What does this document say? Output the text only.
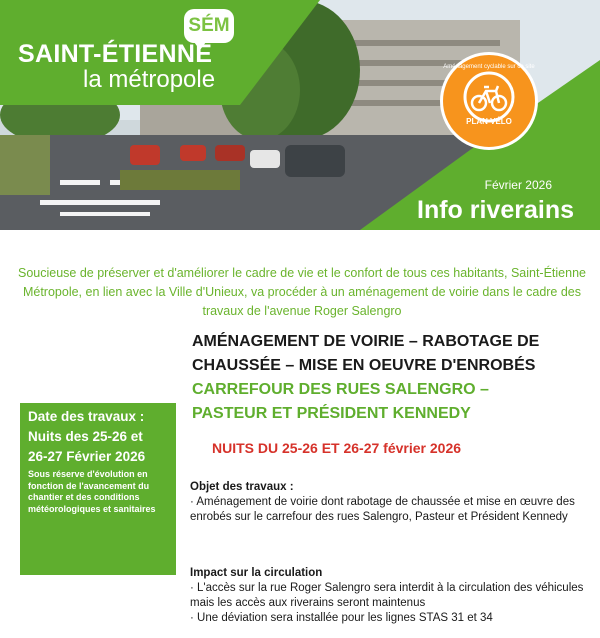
SÉM
SAINT-ÉTIENNE
la métropole	Aménagement cyclable sur ce site
PLAN VÉLO
Février 2026
Info riverains
Soucieuse de préserver et d'améliorer le cadre de vie et le confort de tous ces habitants, Saint-Étienne Métropole, en lien avec la Ville d'Unieux, va procéder à un aménagement de voirie dans le cadre des travaux de l'avenue Roger Salengro
AMÉNAGEMENT DE VOIRIE – RABOTAGE DE
CHAUSSÉE – MISE EN OEUVRE D'ENROBÉS
CARREFOUR DES RUES SALENGRO –
PASTEUR ET PRÉSIDENT KENNEDY
Date des travaux :
Nuits des 25-26 et
26-27 Février 2026
Sous réserve d'évolution en fonction de l'avancement du chantier et des conditions météorologiques et sanitaires
NUITS DU 25-26 ET 26-27 février 2026
Objet des travaux :
· Aménagement de voirie dont rabotage de chaussée et mise en œuvre des enrobés sur le carrefour des rues Salengro, Pasteur et Président Kennedy
Impact sur la circulation
· L'accès sur la rue Roger Salengro sera interdit à la circulation des véhicules mais les accès aux riverains seront maintenus
· Une déviation sera installée pour les lignes STAS 31 et 34
